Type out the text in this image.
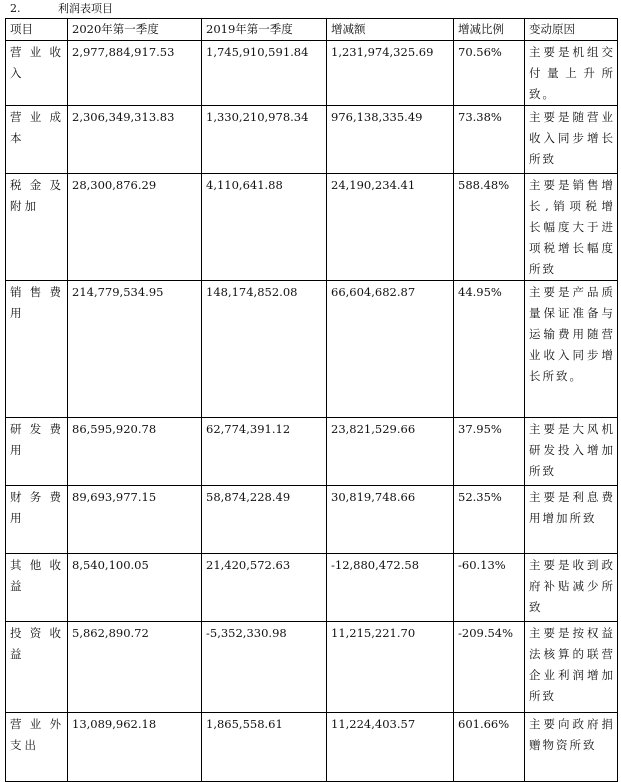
2.	利润表项目
项目	2020年第一季度	2019年第一季度	增减额	增减比例	变动原因
营业收入	2,977,884,917.53	1,745,910,591.84	1,231,974,325.69	70.56%	主要是机组交付量上升所致。
营业成本	2,306,349,313.83	1,330,210,978.34	976,138,335.49	73.38%	主要是随营业收入同步增长所致
税金及附加	28,300,876.29	4,110,641.88	24,190,234.41	588.48%	主要是销售增长,销项税增长幅度大于进项税增长幅度所致
销售费用	214,779,534.95	148,174,852.08	66,604,682.87	44.95%	主要是产品质量保证准备与运输费用随营业收入同步增长所致。
研发费用	86,595,920.78	62,774,391.12	23,821,529.66	37.95%	主要是大风机研发投入增加所致
财务费用	89,693,977.15	58,874,228.49	30,819,748.66	52.35%	主要是利息费用增加所致
其他收益	8,540,100.05	21,420,572.63	-12,880,472.58	-60.13%	主要是收到政府补贴减少所致
投资收益	5,862,890.72	-5,352,330.98	11,215,221.70	-209.54%	主要是按权益法核算的联营企业利润增加所致
营业外支出	13,089,962.18	1,865,558.61	11,224,403.57	601.66%	主要向政府捐赠物资所致
